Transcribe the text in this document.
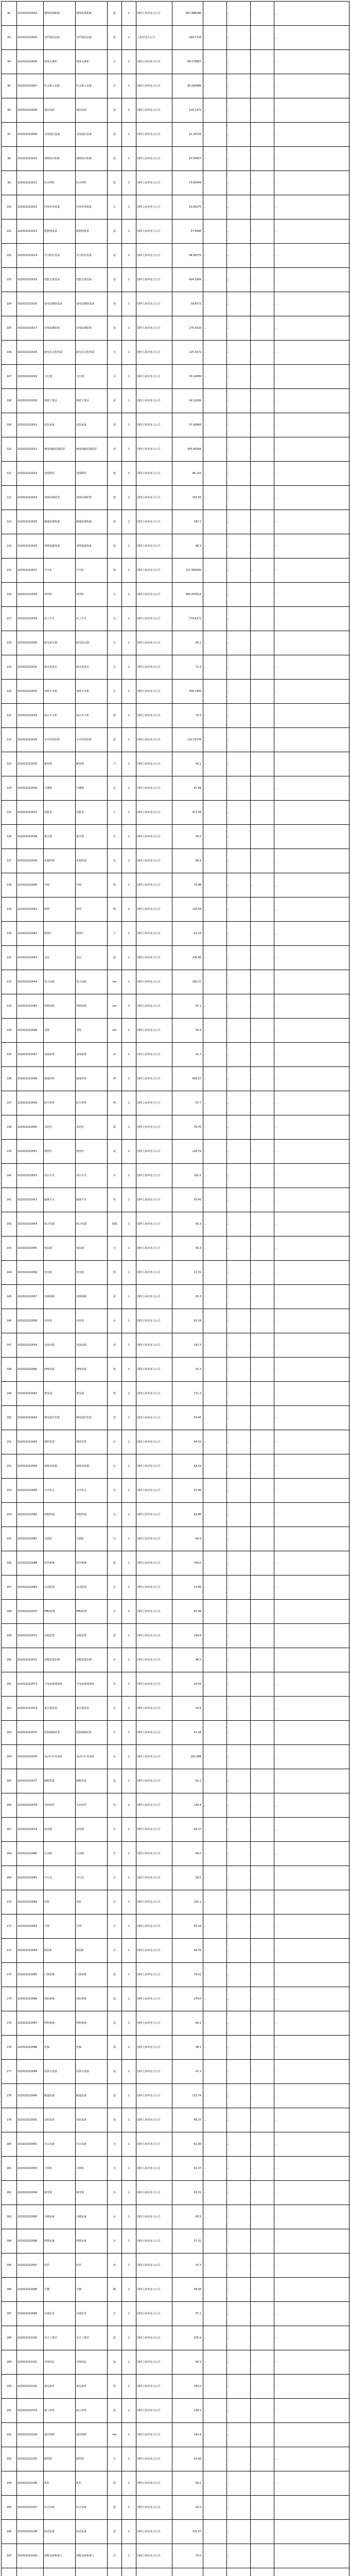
92	102021010003	地网监测系统	地网监测系统	套	1	国网上海市电力公司	857.986286	...	...	...	...
93	102021010005	光纤通信设备	光纤通信设备	套	1	上海市电力公司	294.7716	...	...	...	...
94	102021010006	调度交换机	调度交换机	台	1	国网上海市电力公司	68.178857	...	...	...	...
95	102021010007	综合接入设备	综合接入设备	台	1	国网上海市电力公司	95.560485	...	...	...	...
96	102021010008	通信电源	通信电源	套	1	国网上海市电力公司	126.3272	...	...	...	...
97	102021010009	无线通信设备	无线通信设备	套	1	国网上海市电力公司	51.33725	...	...	...	...
98	102021010010	视频监控系统	视频监控系统	套	1	国网上海市电力公司	67.00657	...	...	...	...
99	102021010011	综合网管	综合网管	套	1	国网上海市电力公司	73.00049	...	...	...	...
100	102021010012	同步时钟设备	同步时钟设备	台	1	国网上海市电力公司	52.83275	...	...	...	...
101	102021010013	数据网设备	数据网设备	套	1	国网上海市电力公司	37.4048	...	...	...	...
102	102021010014	安全防护设备	安全防护设备	套	1	国网上海市电力公司	48.30275	...	...	...	...
103	102021010015	电能计量设备	电能计量设备	套	1	国网上海市电力公司	424.3936	...	...	...	...
104	102021010016	变电站辅助设备	变电站辅助设备	套	1	国网上海市电力公司	39.8573	...	...	...	...
105	102021010017	在线监测装置	在线监测装置	套	1	国网上海市电力公司	176.3520	...	...	...	...
106	102021010018	配电自动化终端	配电自动化终端	台	1	国网上海市电力公司	125.3272	...	...	...	...
107	102021010019	飞行器	飞行器	台	1	国网上海市电力公司	70.14389	...	...	...	...
108	102021010020	检修工器具	检修工器具	套	1	国网上海市电力公司	34.12036	...	...	...	...
109	102021010021	试验设备	试验设备	套	1	国网上海市电力公司	57.93800	...	...	...	...
110	102021010022	输电线路监测装置	输电线路监测装置	套	1	国网上海市电力公司	300.43004	...	...	...	...
111	102021010023	电缆附件	电缆附件	套	1	国网上海市电力公司	96.103	...	...	...	...
112	102021010024	电缆监测装置	电缆监测装置	套	1	国网上海市电力公司	155.05	...	...	...	...
113	102021010025	隧道监测系统	隧道监测系统	套	1	国网上海市电力公司	182.1	...	...	...	...
114	102021010026	电缆通道设备	电缆通道设备	套	1	国网上海市电力公司	98.3	...	...	...	...
115	102021010027	开关柜	开关柜	面	1	国网上海市电力公司	217.959000	...	...	...	...
116	102021010028	环网柜	环网柜	台	1	国网上海市电力公司	482.470514	...	...	...	...
117	102021010029	柱上开关	柱上开关	台	1	国网上海市电力公司	174.6272	...	...	...	...
118	102021010030	配电变压器	配电变压器	台	1	国网上海市电力公司	83.2	...	...	...	...
119	102021010031	箱式变电站	箱式变电站	台	1	国网上海市电力公司	71.4	...	...	...	...
120	102021010032	电缆分支箱	电缆分支箱	台	1	国网上海市电力公司	306.1405	...	...	...	...
121	102021010033	低压开关柜	低压开关柜	面	1	国网上海市电力公司	76.3	...	...	...	...
122	102021010034	无功补偿装置	无功补偿装置	套	1	国网上海市电力公司	132.52276	...	...	...	...
123	102021010035	避雷器	避雷器	只	1	国网上海市电力公司	50.2	...	...	...	...
124	102021010036	互感器	互感器	台	1	国网上海市电力公司	97.94	...	...	...	...
125	102021010037	电能表	电能表	只	1	国网上海市电力公司	471.38	...	...	...	...
126	102021010038	集中器	集中器	台	1	国网上海市电力公司	92.0	...	...	...	...
127	102021010039	采集终端	采集终端	台	1	国网上海市电力公司	89.9	...	...	...	...
128	102021010040	导线	导线	吨	1	国网上海市电力公司	75.98	...	...	...	...
129	102021010041	铁塔	铁塔	吨	1	国网上海市电力公司	116.39	...	...	...	...
130	102021010042	绝缘子	绝缘子	片	1	国网上海市电力公司	92.23	...	...	...	...
131	102021010043	金具	金具	套	1	国网上海市电力公司	236.95	...	...	...	...
132	102021010044	电力电缆	电力电缆	km	1	国网上海市电力公司	190.37	...	...	...	...
133	102021010045	控制电缆	控制电缆	km	1	国网上海市电力公司	97.1	...	...	...	...
134	102021010046	光缆	光缆	km	1	国网上海市电力公司	59.9	...	...	...	...
135	102021010047	电缆桥架	电缆桥架	m	1	国网上海市电力公司	41.7	...	...	...	...
136	102021010048	接地材料	接地材料	吨	1	国网上海市电力公司	426.37	...	...	...	...
137	102021010049	防火材料	防火材料	吨	1	国网上海市电力公司	57.7	...	...	...	...
138	102021010050	水泥杆	水泥杆	根	1	国网上海市电力公司	78.76	...	...	...	...
139	102021010051	钢管杆	钢管杆	基	1	国网上海市电力公司	128.79	...	...	...	...
140	102021010052	高压开关	高压开关	台	1	国网上海市电力公司	191.5	...	...	...	...
141	102021010053	隔离开关	隔离开关	组	1	国网上海市电力公司	30.43	...	...	...	...
142	102021010054	组合电器	组合电器	间隔	1	国网上海市电力公司	65.3	...	...	...	...
143	102021010055	电抗器	电抗器	台	1	国网上海市电力公司	56.3	...	...	...	...
144	102021010056	电容器	电容器	组	1	国网上海市电力公司	21.31	...	...	...	...
145	102021010057	消弧线圈	消弧线圈	套	1	国网上海市电力公司	65.3	...	...	...	...
146	102021010058	站用变	站用变	台	1	国网上海市电力公司	93.19	...	...	...	...
147	102021010059	直流电源	直流电源	套	1	国网上海市电力公司	242.3	...	...	...	...
148	102021010060	UPS电源	UPS电源	套	1	国网上海市电力公司	91.3	...	...	...	...
149	102021010061	蓄电池	蓄电池	组	1	国网上海市电力公司	711.3	...	...	...	...
150	102021010062	继电保护装置	继电保护装置	套	1	国网上海市电力公司	53.45	...	...	...	...
151	102021010063	测控装置	测控装置	台	1	国网上海市电力公司	44.53	...	...	...	...
152	102021010064	故障录波器	故障录波器	台	1	国网上海市电力公司	64.53	...	...	...	...
153	102021010065	合并单元	合并单元	台	1	国网上海市电力公司	97.46	...	...	...	...
154	102021010066	智能终端	智能终端	台	1	国网上海市电力公司	62.86	...	...	...	...
155	102021010067	交换机	交换机	台	1	国网上海市电力公司	84.9	...	...	...	...
156	102021010068	监控系统	监控系统	套	1	国网上海市电力公司	104.0	...	...	...	...
157	102021010069	远动装置	远动装置	台	1	国网上海市电力公司	21.66	...	...	...	...
158	102021010070	PMU装置	PMU装置	台	1	国网上海市电力公司	45.08	...	...	...	...
159	102021010071	安稳装置	安稳装置	套	1	国网上海市电力公司	218.9	...	...	...	...
160	102021010072	电能质量监测	电能质量监测	台	1	国网上海市电力公司	96.0	...	...	...	...
161	102021010073	小电流接地选线	小电流接地选线	台	1	国网上海市电力公司	24.93	...	...	...	...
162	102021010074	备自投装置	备自投装置	台	1	国网上海市电力公司	53.5	...	...	...	...
163	102021010075	低频减载装置	低频减载装置	台	1	国网上海市电力公司	41.28	...	...	...	...
164	102021010076	电动汽车充电桩	电动汽车充电桩	台	1	国网上海市电力公司	161.068	...	...	...	...
165	102021010077	储能装置	储能装置	套	1	国网上海市电力公司	61.2	...	...	...	...
166	102021010078	光伏组件	光伏组件	块	1	国网上海市电力公司	130.4	...	...	...	...
167	102021010079	逆变器	逆变器	台	1	国网上海市电力公司	94.37	...	...	...	...
168	102021010080	汇流箱	汇流箱	台	1	国网上海市电力公司	60.0	...	...	...	...
169	102021010081	升压变	升压变	台	1	国网上海市电力公司	58.5	...	...	...	...
170	102021010082	风机	风机	台	1	国网上海市电力公司	155.1	...	...	...	...
171	102021010083	空调	空调	台	1	国网上海市电力公司	45.23	...	...	...	...
172	102021010084	除湿机	除湿机	台	1	国网上海市电力公司	49.76	...	...	...	...
173	102021010085	门禁系统	门禁系统	套	1	国网上海市电力公司	79.31	...	...	...	...
174	102021010086	消防系统	消防系统	套	1	国网上海市电力公司	274.0	...	...	...	...
175	102021010087	照明系统	照明系统	套	1	国网上海市电力公司	69.1	...	...	...	...
176	102021010088	电梯	电梯	部	1	国网上海市电力公司	38.1	...	...	...	...
177	102021010089	给排水设备	给排水设备	套	1	国网上海市电力公司	67.3	...	...	...	...
178	102021010090	暖通设备	暖通设备	套	1	国网上海市电力公司	133.74	...	...	...	...
179	102021010091	安防设备	安防设备	套	1	国网上海市电力公司	66.37	...	...	...	...
180	102021010092	办公设备	办公设备	台	1	国网上海市电力公司	61.00	...	...	...	...
181	102021010093	计算机	计算机	台	1	国网上海市电力公司	41.37	...	...	...	...
182	102021010094	服务器	服务器	台	1	国网上海市电力公司	93.31	...	...	...	...
183	102021010095	存储设备	存储设备	台	1	国网上海市电力公司	65.5	...	...	...	...
184	102021010096	网络设备	网络设备	台	1	国网上海市电力公司	57.31	...	...	...	...
185	102021010097	软件	软件	套	1	国网上海市电力公司	37.3	...	...	...	...
186	102021010098	车辆	车辆	辆	1	国网上海市电力公司	99.99	...	...	...	...
187	102021010099	仪器仪表	仪器仪表	台	1	国网上海市电力公司	67.1	...	...	...	...
188	102021010100	安全工器具	安全工器具	套	1	国网上海市电力公司	205.9	...	...	...	...
189	102021010101	劳保用品	劳保用品	套	1	国网上海市电力公司	65.5	...	...	...	...
190	102021010102	备品备件	备品备件	批	1	国网上海市电力公司	263.0	...	...	...	...
191	102021010103	施工材料	施工材料	批	1	国网上海市电力公司	128.1	...	...	...	...
192	102021010104	通信线缆	通信线缆	km	1	国网上海市电力公司	142.4	...	...	...	...
193	102021010105	配线架	配线架	台	1	国网上海市电力公司	42.89	...	...	...	...
194	102021010106	机柜	机柜	面	1	国网上海市电力公司	58.1	...	...	...	...
195	102021010107	综合布线	综合布线	套	1	国网上海市电力公司	42.0	...	...	...	...
196	102021010108	防雷设备	防雷设备	套	1	国网上海市电力公司	125.07	...	...	...	...
197	102021010109	智能巡检机器人	智能巡检机器人	台	1	国网上海市电力公司	75.0	...	...	...	...
